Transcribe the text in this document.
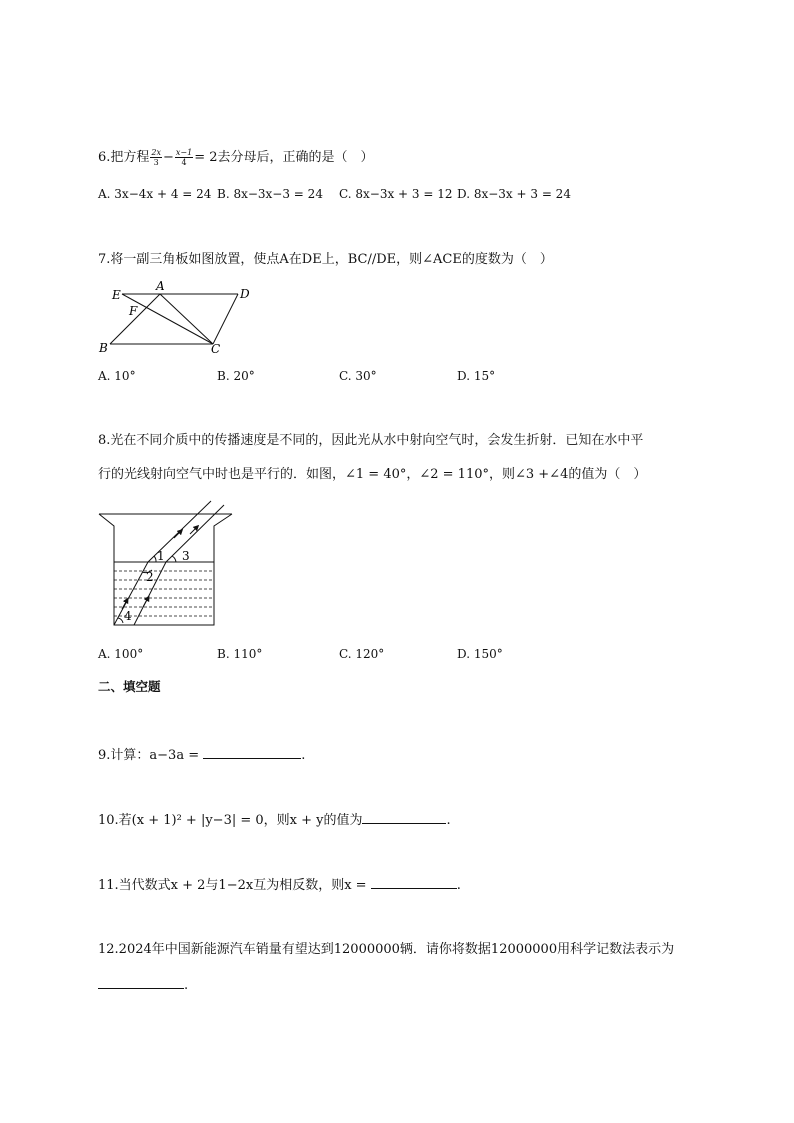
6.把方程 $\frac{2x}{3} - \frac{x-1}{4} = 2$去分母后，正确的是（　）
A. 3x−4x + 4 = 24 B. 8x−3x−3 = 24 C. 8x−3x + 3 = 12 D. 8x−3x + 3 = 24
7.将一副三角板如图放置，使点A在DE上，BC//DE，则∠ACE的度数为（　）
E
A
D
F
B	C
A. 10°	B. 20°	C. 30°	D. 15°
8.光在不同介质中的传播速度是不同的，因此光从水中射向空气时，会发生折射．已知在水中平
行的光线射向空气中时也是平行的．如图，∠1 = 40°，∠2 = 110°，则∠3 +∠4的值为（　）
1
2
3
4
A. 100°	B. 110°	C. 120°	D. 150°
二、填空题
9.计算：a−3a =	.
10.若(x + 1)² + |y−3| = 0，则x + y的值为	.
11.当代数式x + 2与1−2x互为相反数，则x =	.
12.2024年中国新能源汽车销量有望达到12000000辆．请你将数据12000000用科学记数法表示为
.
